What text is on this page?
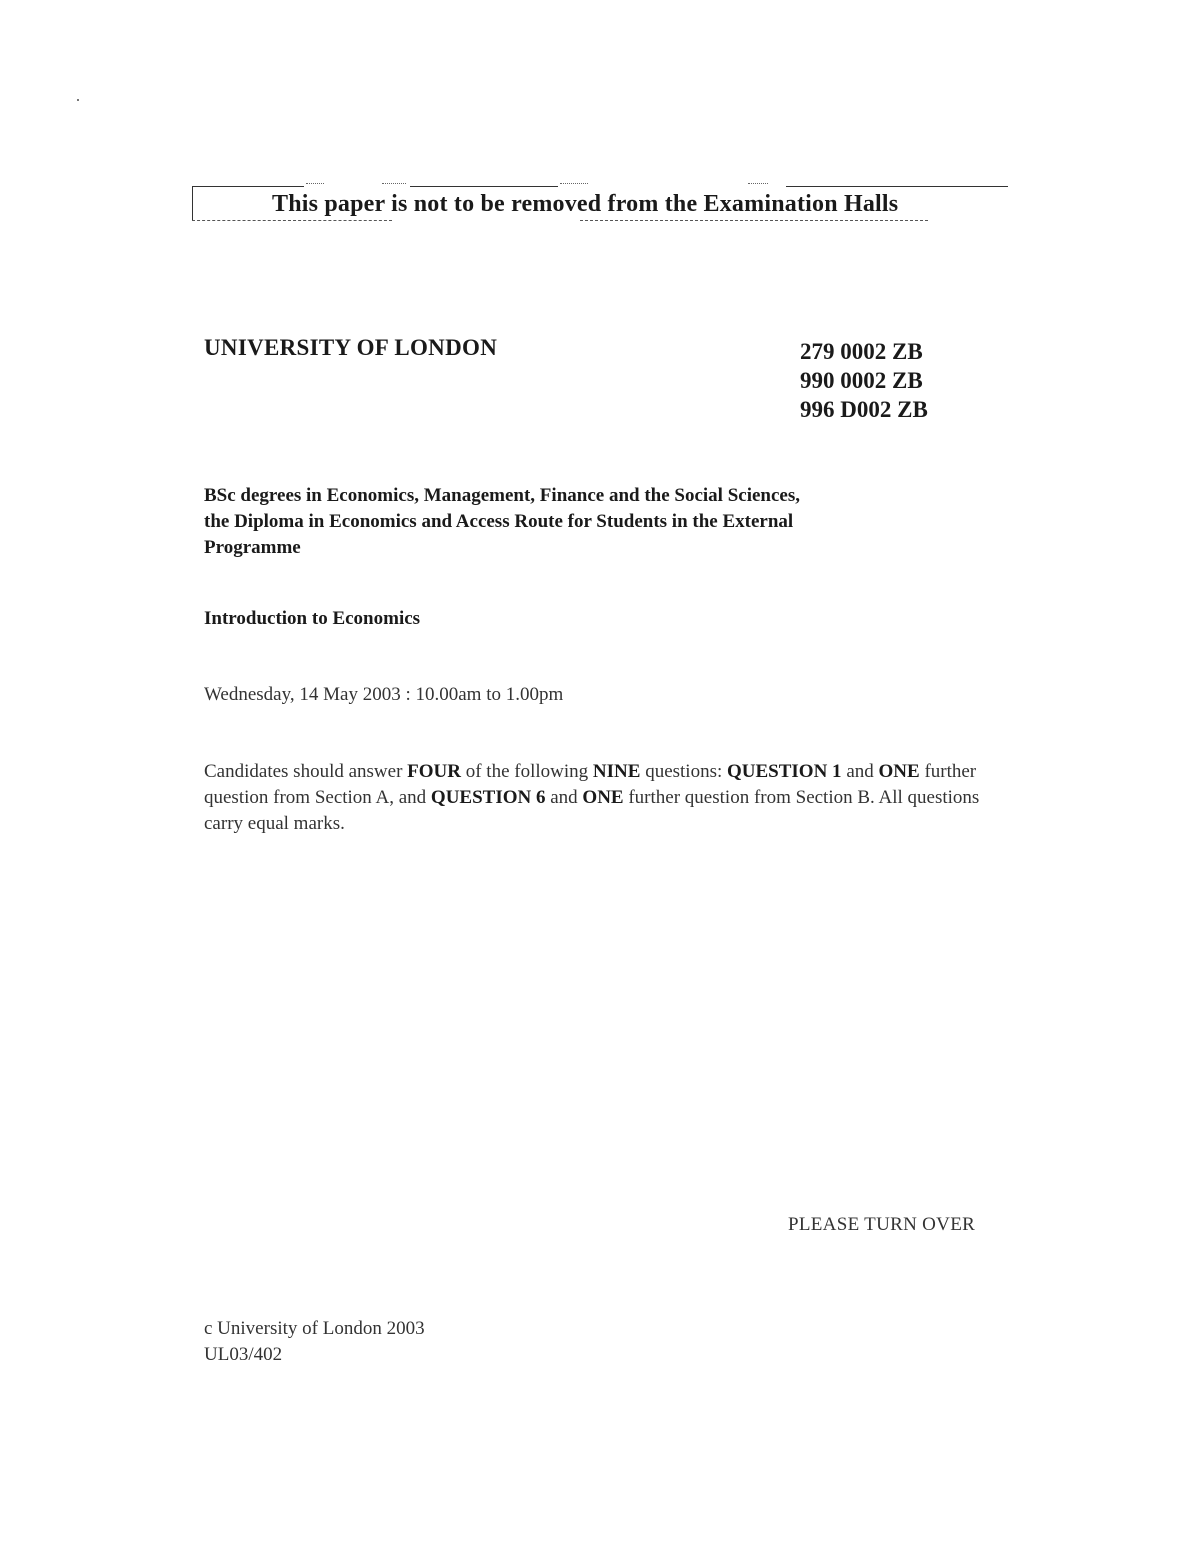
This paper is not to be removed from the Examination Halls
UNIVERSITY OF LONDON	279 0002 ZB
990 0002 ZB
996 D002 ZB
BSc degrees in Economics, Management, Finance and the Social Sciences,
the Diploma in Economics and Access Route for Students in the External
Programme
Introduction to Economics
Wednesday, 14 May 2003 : 10.00am to 1.00pm
Candidates should answer FOUR of the following NINE questions: QUESTION 1 and ONE further question from Section A, and QUESTION 6 and ONE further question from Section B. All questions carry equal marks.
PLEASE TURN OVER
c University of London 2003
UL03/402
